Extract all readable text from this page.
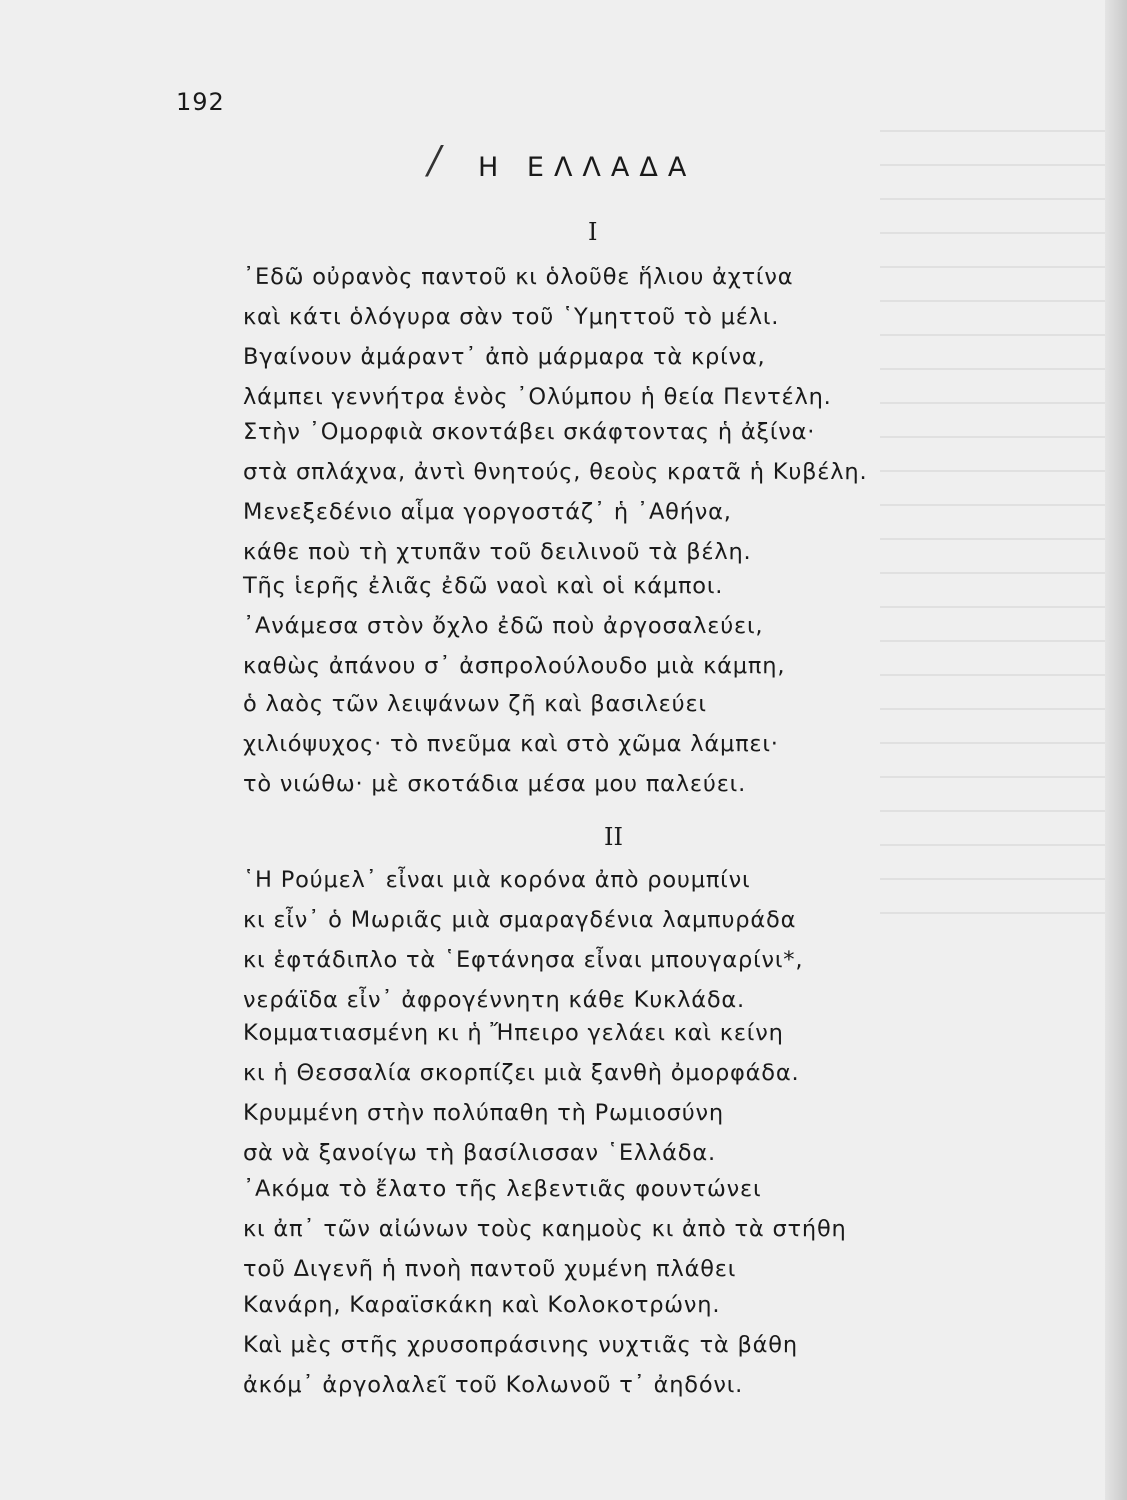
192
/ Η ΕΛΛΑΔΑ
Ι
᾿Εδῶ οὐρανὸς παντοῦ κι ὁλοῦθε ἥλιου ἀχτίνα
καὶ κάτι ὁλόγυρα σὰν τοῦ ῾Υμηττοῦ τὸ μέλι.
Βγαίνουν ἀμάραντ᾿ ἀπὸ μάρμαρα τὰ κρίνα,
λάμπει γεννήτρα ἑνὸς ᾿Ολύμπου ἡ θεία Πεντέλη.
Στὴν ᾿Ομορφιὰ σκοντάβει σκάφτοντας ἡ ἀξίνα·
στὰ σπλάχνα, ἀντὶ θνητούς, θεοὺς κρατᾶ ἡ Κυβέλη.
Μενεξεδένιο αἷμα γοργοστάζ᾿ ἡ ᾿Αθήνα,
κάθε ποὺ τὴ χτυπᾶν τοῦ δειλινοῦ τὰ βέλη.
Τῆς ἱερῆς ἐλιᾶς ἐδῶ ναοὶ καὶ οἱ κάμποι.
᾿Ανάμεσα στὸν ὄχλο ἐδῶ ποὺ ἀργοσαλεύει,
καθὼς ἀπάνου σ᾿ ἀσπρολούλουδο μιὰ κάμπη,
ὁ λαὸς τῶν λειψάνων ζῆ καὶ βασιλεύει
χιλιόψυχος· τὸ πνεῦμα καὶ στὸ χῶμα λάμπει·
τὸ νιώθω· μὲ σκοτάδια μέσα μου παλεύει.
ΙΙ
῾Η Ρούμελ᾿ εἶναι μιὰ κορόνα ἀπὸ ρουμπίνι
κι εἶν᾿ ὁ Μωριᾶς μιὰ σμαραγδένια λαμπυράδα
κι ἑφτάδιπλο τὰ ῾Εφτάνησα εἶναι μπουγαρίνι*,
νεράϊδα εἶν᾿ ἀφρογέννητη κάθε Κυκλάδα.
Κομματιασμένη κι ἡ Ἤπειρο γελάει καὶ κείνη
κι ἡ Θεσσαλία σκορπίζει μιὰ ξανθὴ ὀμορφάδα.
Κρυμμένη στὴν πολύπαθη τὴ Ρωμιοσύνη
σὰ νὰ ξανοίγω τὴ βασίλισσαν ῾Ελλάδα.
᾿Ακόμα τὸ ἔλατο τῆς λεβεντιᾶς φουντώνει
κι ἀπ᾿ τῶν αἰώνων τοὺς καημοὺς κι ἀπὸ τὰ στήθη
τοῦ Διγενῆ ἡ πνοὴ παντοῦ χυμένη πλάθει
Κανάρη, Καραϊσκάκη καὶ Κολοκοτρώνη.
Καὶ μὲς στῆς χρυσοπράσινης νυχτιᾶς τὰ βάθη
ἀκόμ᾿ ἀργολαλεῖ τοῦ Κολωνοῦ τ᾿ ἀηδόνι.
